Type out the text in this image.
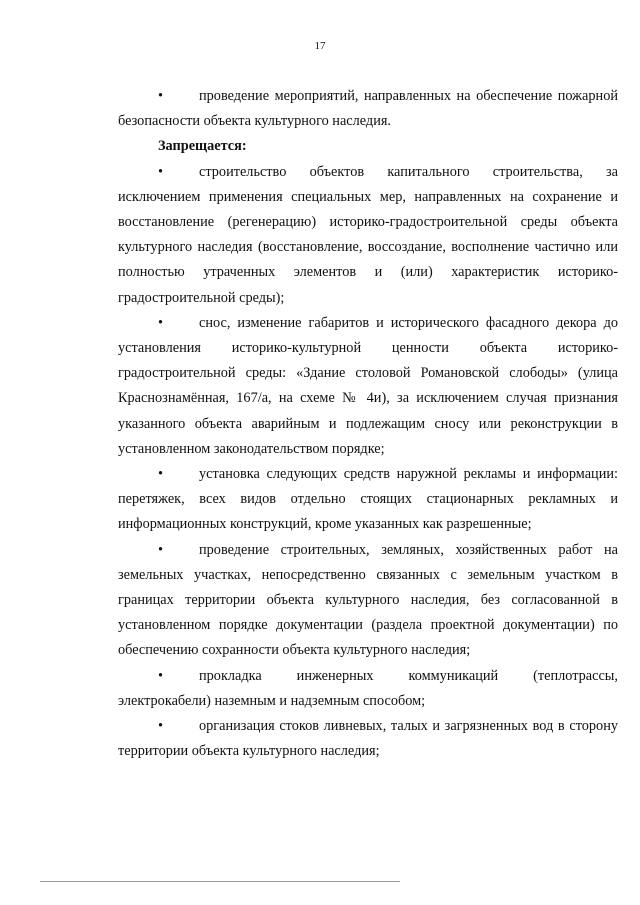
17

•	проведение мероприятий, направленных на обеспечение пожарной безопасности объекта культурного наследия.

Запрещается:

•	строительство объектов капитального строительства, за исключением применения специальных мер, направленных на сохранение и восстановление (регенерацию) историко-градостроительной среды объекта культурного наследия (восстановление, воссоздание, восполнение частично или полностью утраченных элементов и (или) характеристик историко-градостроительной среды);

•	снос, изменение габаритов и исторического фасадного декора до установления историко-культурной ценности объекта историко-градостроительной среды: «Здание столовой Романовской слободы» (улица Краснознамённая, 167/а, на схеме № 4и), за исключением случая признания указанного объекта аварийным и подлежащим сносу или реконструкции в установленном законодательством порядке;

•	установка следующих средств наружной рекламы и информации: перетяжек, всех видов отдельно стоящих стационарных рекламных и информационных конструкций, кроме указанных как разрешенные;

•	проведение строительных, земляных, хозяйственных работ на земельных участках, непосредственно связанных с земельным участком в границах территории объекта культурного наследия, без согласованной в установленном порядке документации (раздела проектной документации) по обеспечению сохранности объекта культурного наследия;

•	прокладка инженерных коммуникаций (теплотрассы, электрокабели) наземным и надземным способом;

•	организация стоков ливневых, талых и загрязненных вод в сторону территории объекта культурного наследия;
